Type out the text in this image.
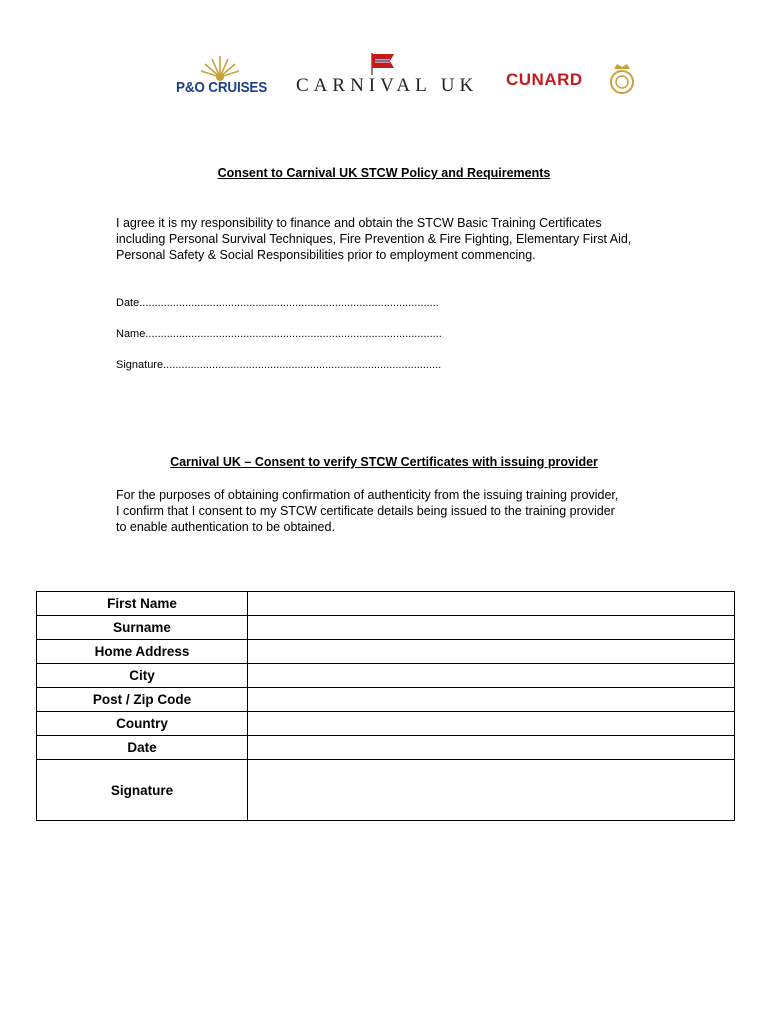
P&O CRUISES CARNIVAL UK CUNARD
Consent to Carnival UK STCW Policy and Requirements
I agree it is my responsibility to finance and obtain the STCW Basic Training Certificates
including Personal Survival Techniques, Fire Prevention & Fire Fighting, Elementary First Aid,
Personal Safety & Social Responsibilities prior to employment commencing.
Date..................................................................................................
Name.................................................................................................
Signature...........................................................................................
Carnival UK – Consent to verify STCW Certificates with issuing provider
For the purposes of obtaining confirmation of authenticity from the issuing training provider,
I confirm that I consent to my STCW certificate details being issued to the training provider
to enable authentication to be obtained.
First Name	
Surname	
Home Address	
City	
Post / Zip Code	
Country	
Date	
Signature	
